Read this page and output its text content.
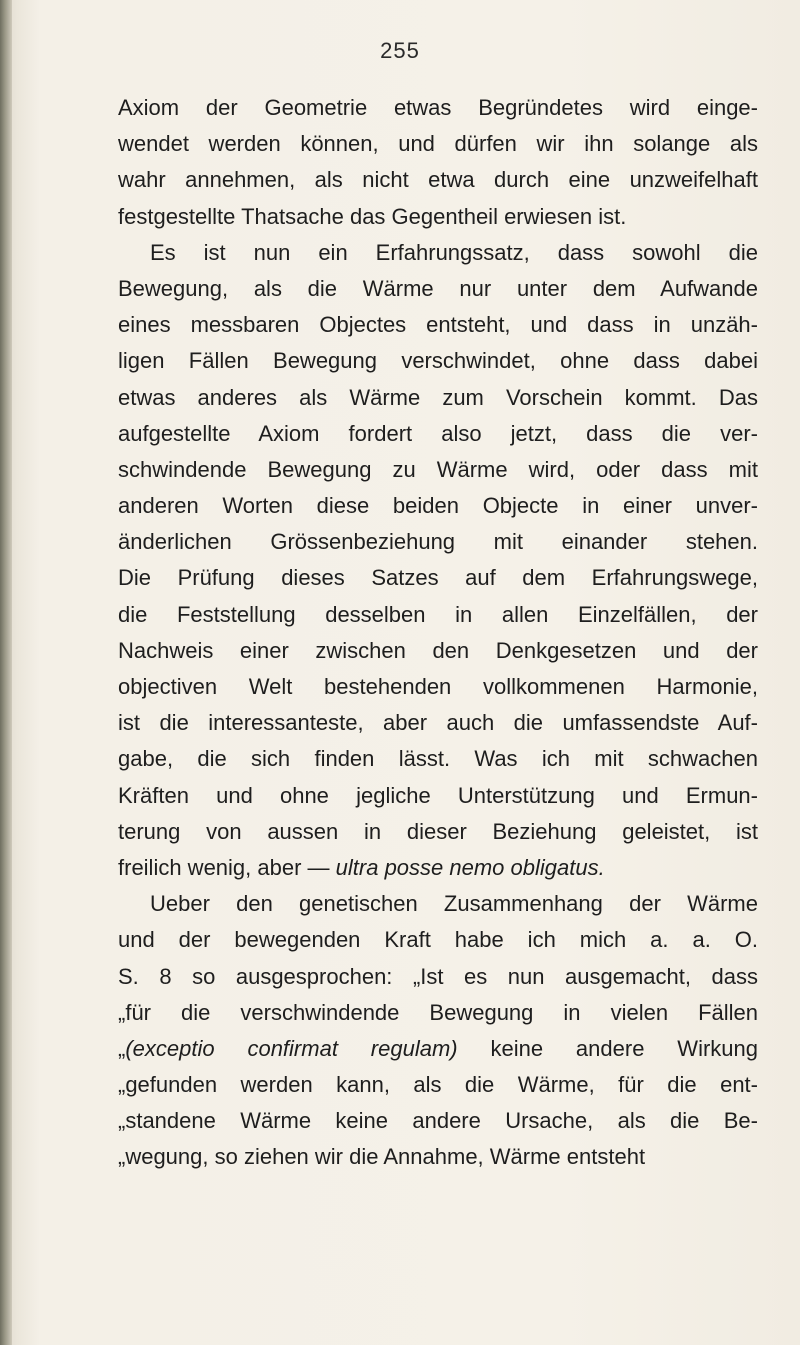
255
Axiom der Geometrie etwas Begründetes wird einge-
wendet werden können, und dürfen wir ihn solange als
wahr annehmen, als nicht etwa durch eine unzweifelhaft
festgestellte Thatsache das Gegentheil erwiesen ist.
Es ist nun ein Erfahrungssatz, dass sowohl die
Bewegung, als die Wärme nur unter dem Aufwande
eines messbaren Objectes entsteht, und dass in unzäh-
ligen Fällen Bewegung verschwindet, ohne dass dabei
etwas anderes als Wärme zum Vorschein kommt. Das
aufgestellte Axiom fordert also jetzt, dass die ver-
schwindende Bewegung zu Wärme wird, oder dass mit
anderen Worten diese beiden Objecte in einer unver-
änderlichen Grössenbeziehung mit einander stehen.
Die Prüfung dieses Satzes auf dem Erfahrungswege,
die Feststellung desselben in allen Einzelfällen, der
Nachweis einer zwischen den Denkgesetzen und der
objectiven Welt bestehenden vollkommenen Harmonie,
ist die interessanteste, aber auch die umfassendste Auf-
gabe, die sich finden lässt. Was ich mit schwachen
Kräften und ohne jegliche Unterstützung und Ermun-
terung von aussen in dieser Beziehung geleistet, ist
freilich wenig, aber — ultra posse nemo obligatus.
Ueber den genetischen Zusammenhang der Wärme
und der bewegenden Kraft habe ich mich a. a. O.
S. 8 so ausgesprochen: „Ist es nun ausgemacht, dass
„für die verschwindende Bewegung in vielen Fällen
„(exceptio confirmat regulam) keine andere Wirkung
„gefunden werden kann, als die Wärme, für die ent-
„standene Wärme keine andere Ursache, als die Be-
„wegung, so ziehen wir die Annahme, Wärme entsteht
